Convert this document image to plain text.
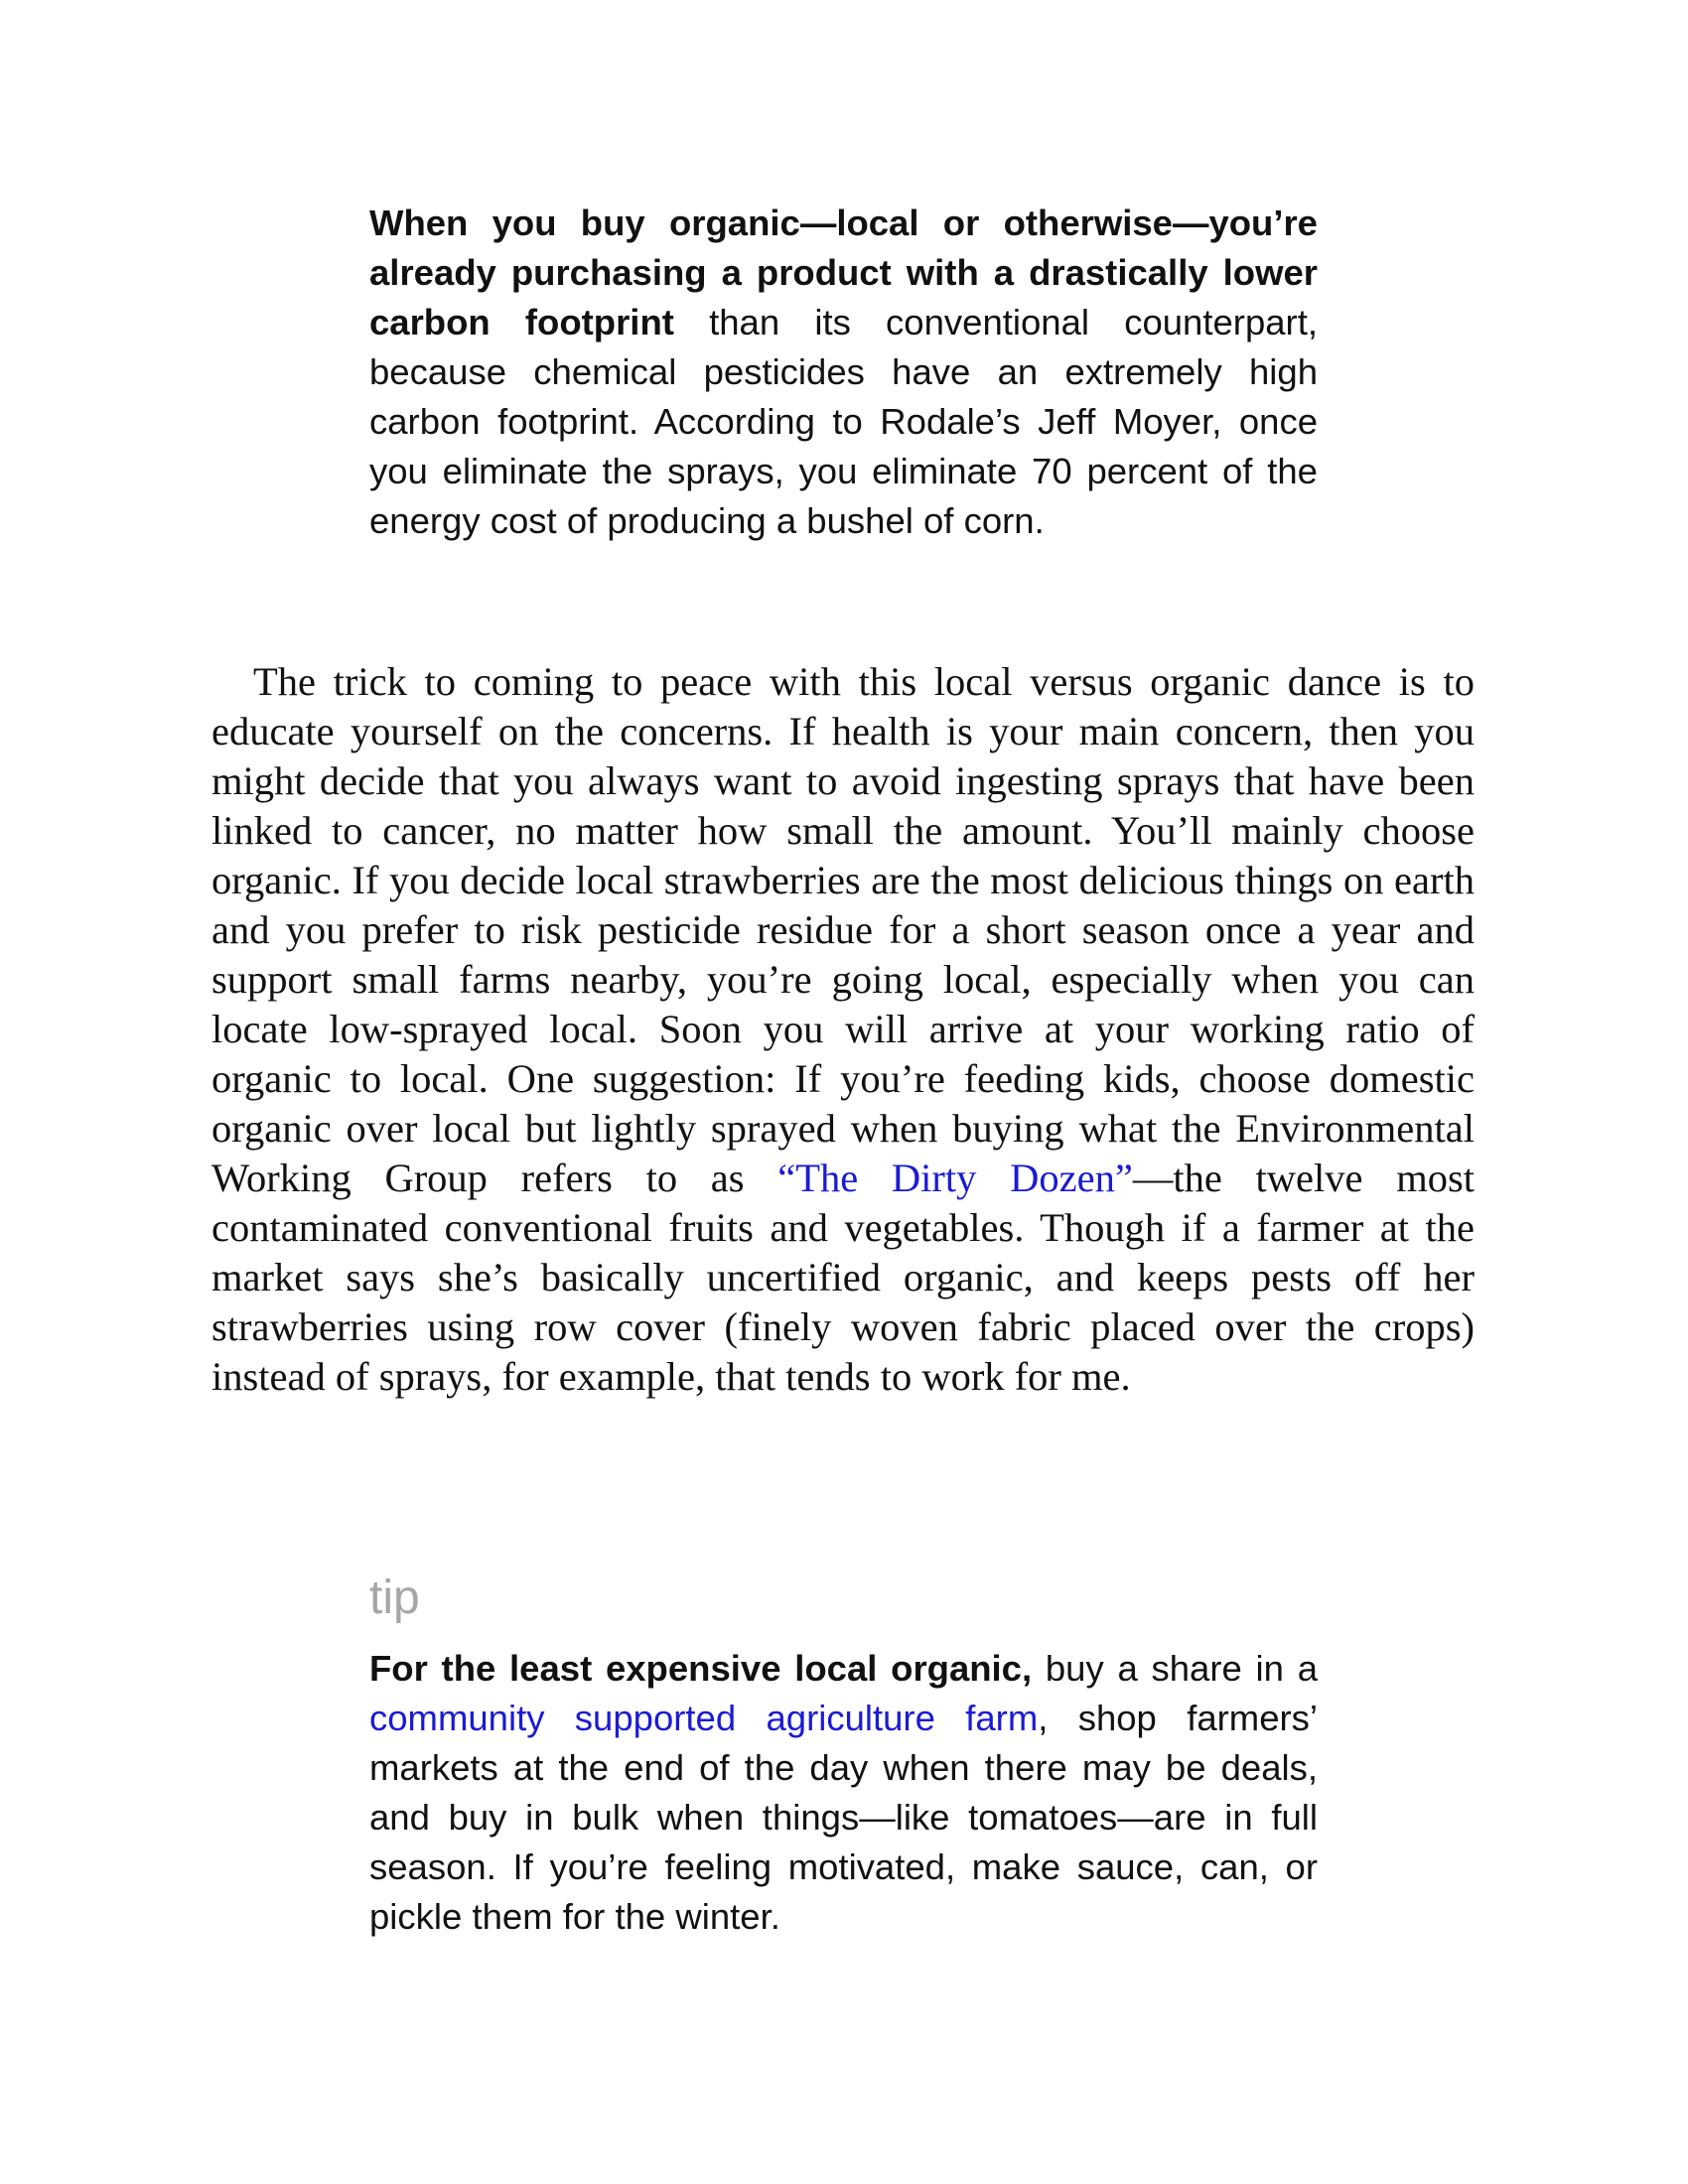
When you buy organic—local or otherwise—you’re already purchasing a product with a drastically lower carbon footprint than its conventional counterpart, because chemical pesticides have an extremely high carbon footprint. According to Rodale’s Jeff Moyer, once you eliminate the sprays, you eliminate 70 percent of the energy cost of producing a bushel of corn.

The trick to coming to peace with this local versus organic dance is to educate yourself on the concerns. If health is your main concern, then you might decide that you always want to avoid ingesting sprays that have been linked to cancer, no matter how small the amount. You’ll mainly choose organic. If you decide local strawberries are the most delicious things on earth and you prefer to risk pesticide residue for a short season once a year and support small farms nearby, you’re going local, especially when you can locate low-sprayed local. Soon you will arrive at your working ratio of organic to local. One suggestion: If you’re feeding kids, choose domestic organic over local but lightly sprayed when buying what the Environmental Working Group refers to as “The Dirty Dozen”—the twelve most contaminated conventional fruits and vegetables. Though if a farmer at the market says she’s basically uncertified organic, and keeps pests off her strawberries using row cover (finely woven fabric placed over the crops) instead of sprays, for example, that tends to work for me.

tip

For the least expensive local organic, buy a share in a community supported agriculture farm, shop farmers’ markets at the end of the day when there may be deals, and buy in bulk when things—like tomatoes—are in full season. If you’re feeling motivated, make sauce, can, or pickle them for the winter.
